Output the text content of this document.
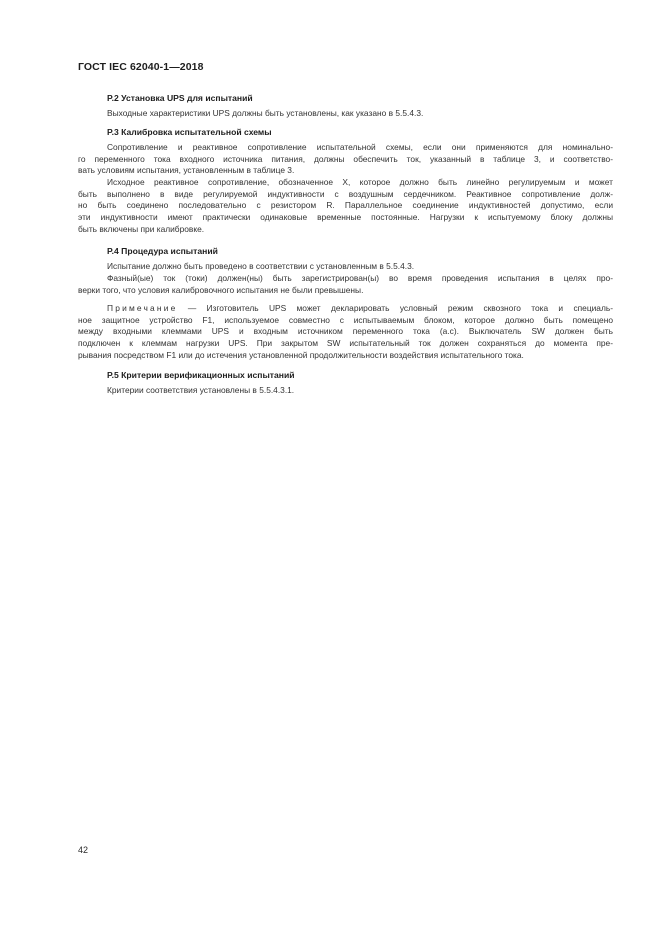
ГОСТ IEC 62040-1—2018
P.2 Установка UPS для испытаний
Выходные характеристики UPS должны быть установлены, как указано в 5.5.4.3.
P.3 Калибровка испытательной схемы
Сопротивление и реактивное сопротивление испытательной схемы, если они применяются для номинально-
го переменного тока входного источника питания, должны обеспечить ток, указанный в таблице 3, и соответство-
вать условиям испытания, установленным в таблице 3.
Исходное реактивное сопротивление, обозначенное X, которое должно быть линейно регулируемым и может
быть выполнено в виде регулируемой индуктивности с воздушным сердечником. Реактивное сопротивление долж-
но быть соединено последовательно с резистором R. Параллельное соединение индуктивностей допустимо, если
эти индуктивности имеют практически одинаковые временные постоянные. Нагрузки к испытуемому блоку должны
быть включены при калибровке.
P.4 Процедура испытаний
Испытание должно быть проведено в соответствии с установленным в 5.5.4.3.
Фазный(ые) ток (токи) должен(ны) быть зарегистрирован(ы) во время проведения испытания в целях про-
верки того, что условия калибровочного испытания не были превышены.
Примечание — Изготовитель UPS может декларировать условный режим сквозного тока и специаль-
ное защитное устройство F1, используемое совместно с испытываемым блоком, которое должно быть помещено
между входными клеммами UPS и входным источником переменного тока (a.c). Выключатель SW должен быть
подключен к клеммам нагрузки UPS. При закрытом SW испытательный ток должен сохраняться до момента пре-
рывания посредством F1 или до истечения установленной продолжительности воздействия испытательного тока.
P.5 Критерии верификационных испытаний
Критерии соответствия установлены в 5.5.4.3.1.
42
